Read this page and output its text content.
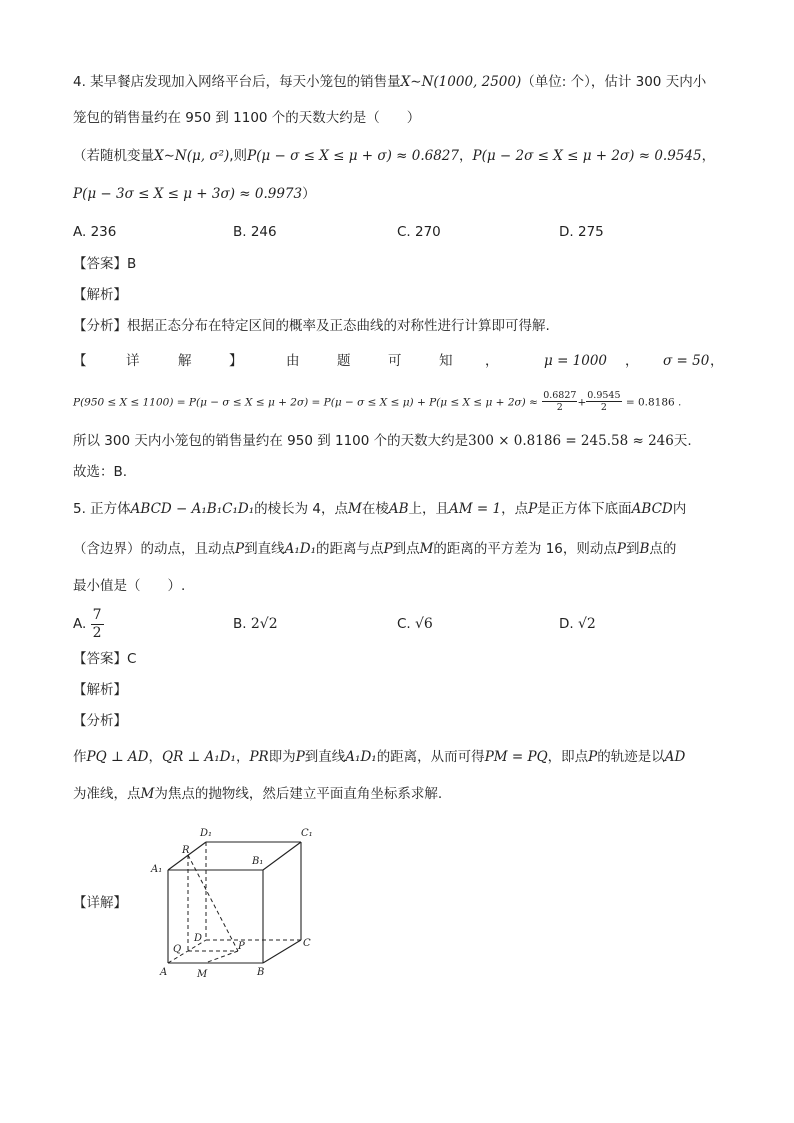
4. 某早餐店发现加入网络平台后，每天小笼包的销售量X∼N(1000, 2500)（单位: 个），估计 300 天内小
笼包的销售量约在 950 到 1100 个的天数大约是（　　）
（若随机变量X∼N(μ, σ²),则P(μ − σ ≤ X ≤ μ + σ) ≈ 0.6827，P(μ − 2σ ≤ X ≤ μ + 2σ) ≈ 0.9545，
P(μ − 3σ ≤ X ≤ μ + 3σ) ≈ 0.9973）
A. 236	B. 246	C. 270	D. 275
【答案】B
【解析】
【分析】根据正态分布在特定区间的概率及正态曲线的对称性进行计算即可得解.
【	详	解	】	由	题	可	知 ，	μ = 1000 ， σ = 50 ，
$P(950 \le X \le 1100) = P(\mu - \sigma \le X \le \mu + 2\sigma) = P(\mu - \sigma \le X \le \mu) + P(\mu \le X \le \mu + 2\sigma) \approx \frac{0.6827}{2} + \frac{0.9545}{2} = 0.8186$ .
所以 300 天内小笼包的销售量约在 950 到 1100 个的天数大约是300 × 0.8186 = 245.58 ≈ 246天.
故选：B.
5. 正方体ABCD − A₁B₁C₁D₁的棱长为 4，点M在棱AB上，且AM = 1，点P是正方体下底面ABCD内
（含边界）的动点，且动点P到直线A₁D₁的距离与点P到点M的距离的平方差为 16，则动点P到B点的
最小值是（　　）.
A. $\frac{7}{2}$	B. 2√2	C. √6	D. √2
【答案】C
【解析】
【分析】
作PQ ⊥ AD，QR ⊥ A₁D₁，PR即为P到直线A₁D₁的距离，从而可得PM = PQ，即点P的轨迹是以AD
为准线，点M为焦点的抛物线，然后建立平面直角坐标系求解.
【详解】
D₁	C₁
A₁
B₁
R
D
Q	P	C
A	M	B
